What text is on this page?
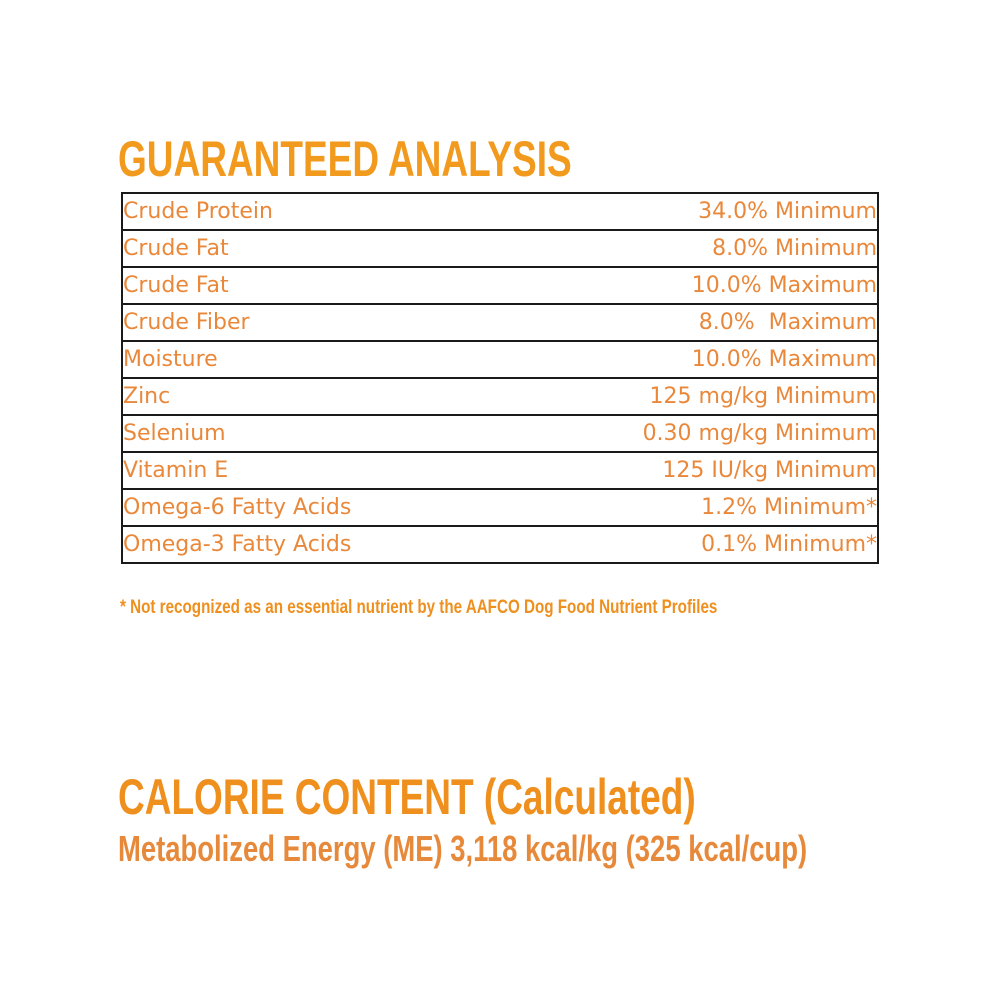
GUARANTEED ANALYSIS
Crude Protein	34.0% Minimum
Crude Fat	8.0% Minimum
Crude Fat	10.0% Maximum
Crude Fiber	8.0%  Maximum
Moisture	10.0% Maximum
Zinc	125 mg/kg Minimum
Selenium	0.30 mg/kg Minimum
Vitamin E	125 IU/kg Minimum
Omega-6 Fatty Acids	1.2% Minimum*
Omega-3 Fatty Acids	0.1% Minimum*
* Not recognized as an essential nutrient by the AAFCO Dog Food Nutrient Profiles
CALORIE CONTENT (Calculated)
Metabolized Energy (ME) 3,118 kcal/kg (325 kcal/cup)
